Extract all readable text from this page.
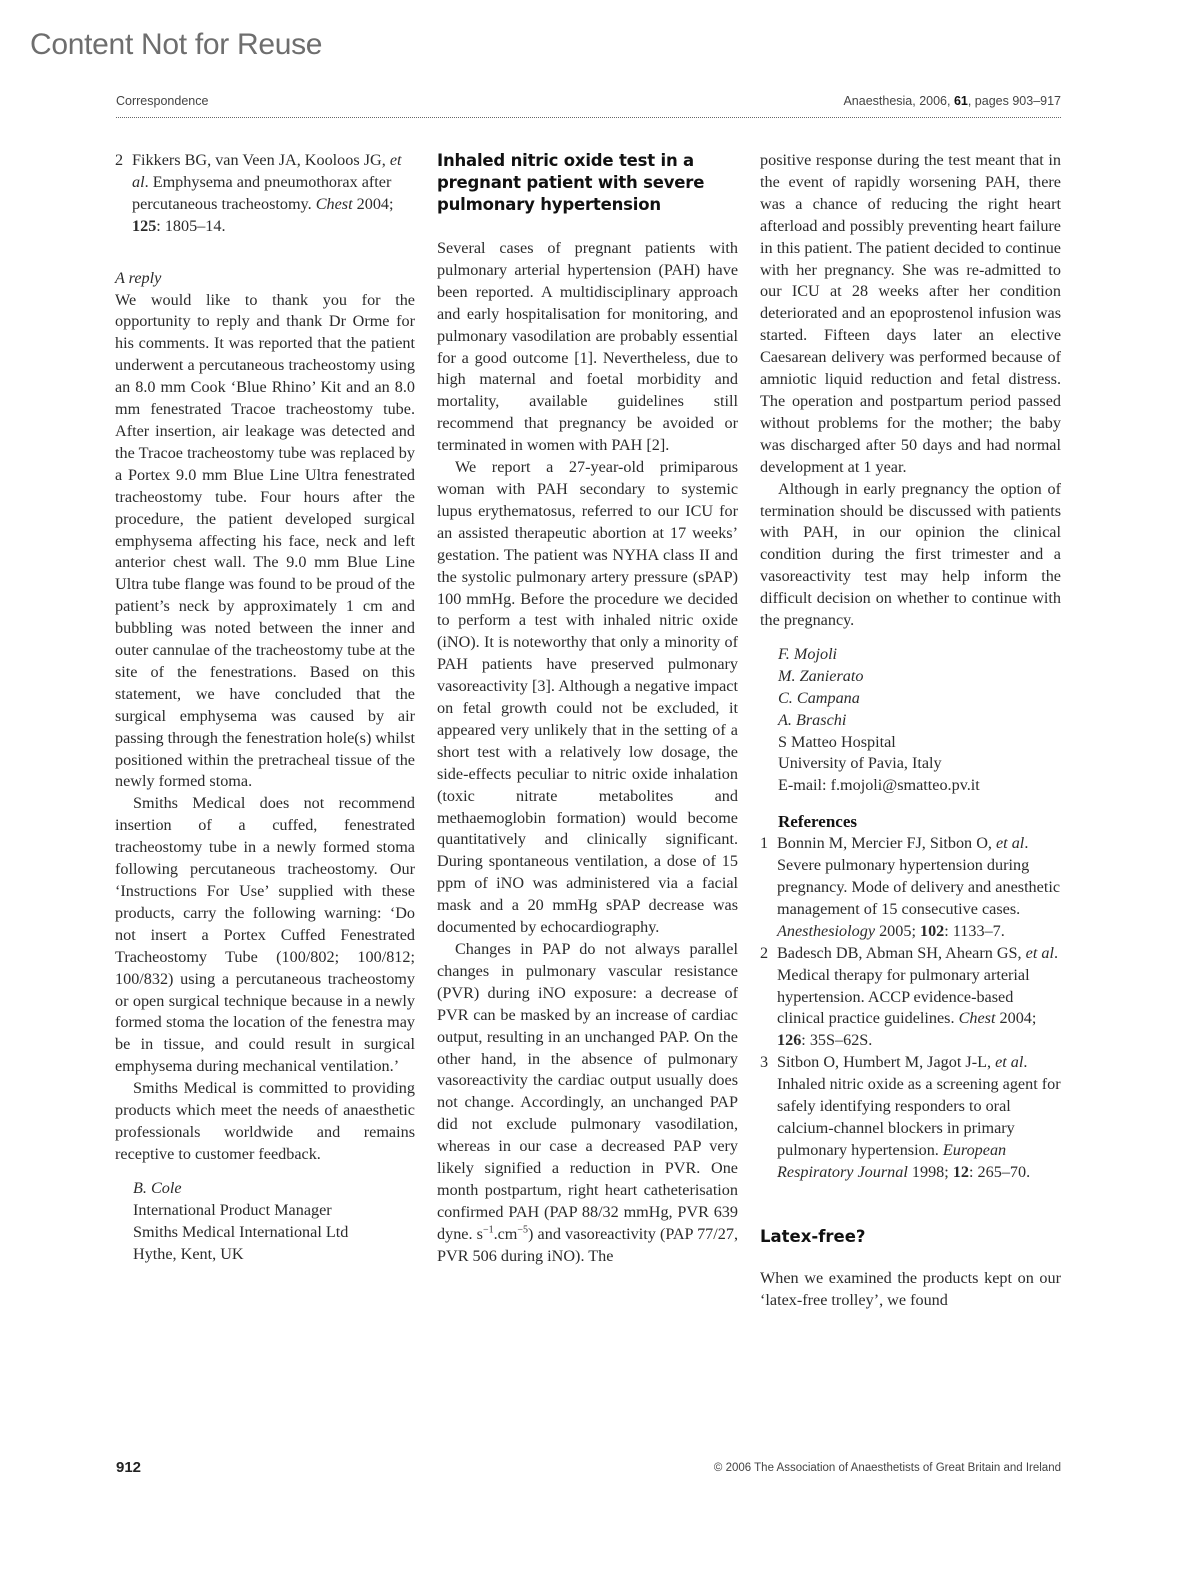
Content Not for Reuse
Correspondence	Anaesthesia, 2006, 61, pages 903–917
2 Fikkers BG, van Veen JA, Kooloos JG, et al. Emphysema and pneumothorax after percutaneous tracheostomy. Chest 2004; 125: 1805–14.
A reply

We would like to thank you for the opportunity to reply and thank Dr Orme for his comments. It was reported that the patient underwent a percutaneous tracheostomy using an 8.0 mm Cook ‘Blue Rhino’ Kit and an 8.0 mm fenestrated Tracoe tracheostomy tube. After insertion, air leakage was detected and the Tracoe tracheostomy tube was replaced by a Portex 9.0 mm Blue Line Ultra fenestrated tracheostomy tube. Four hours after the procedure, the patient developed surgical emphysema affecting his face, neck and left anterior chest wall. The 9.0 mm Blue Line Ultra tube flange was found to be proud of the patient’s neck by approximately 1 cm and bubbling was noted between the inner and outer cannulae of the tracheostomy tube at the site of the fenestrations. Based on this statement, we have concluded that the surgical emphysema was caused by air passing through the fenestration hole(s) whilst positioned within the pretracheal tissue of the newly formed stoma.

Smiths Medical does not recommend insertion of a cuffed, fenestrated tracheostomy tube in a newly formed stoma following percutaneous tracheostomy. Our ‘Instructions For Use’ supplied with these products, carry the following warning: ‘Do not insert a Portex Cuffed Fenestrated Tracheostomy Tube (100/802; 100/812; 100/832) using a percutaneous tracheostomy or open surgical technique because in a newly formed stoma the location of the fenestra may be in tissue, and could result in surgical emphysema during mechanical ventilation.’

Smiths Medical is committed to providing products which meet the needs of anaesthetic professionals worldwide and remains receptive to customer feedback.

B. Cole
International Product Manager
Smiths Medical International Ltd
Hythe, Kent, UK
Inhaled nitric oxide test in a pregnant patient with severe pulmonary hypertension

Several cases of pregnant patients with pulmonary arterial hypertension (PAH) have been reported. A multidisciplinary approach and early hospitalisation for monitoring, and pulmonary vasodilation are probably essential for a good outcome [1]. Nevertheless, due to high maternal and foetal morbidity and mortality, available guidelines still recommend that pregnancy be avoided or terminated in women with PAH [2].

We report a 27-year-old primiparous woman with PAH secondary to systemic lupus erythematosus, referred to our ICU for an assisted therapeutic abortion at 17 weeks’ gestation. The patient was NYHA class II and the systolic pulmonary artery pressure (sPAP) 100 mmHg. Before the procedure we decided to perform a test with inhaled nitric oxide (iNO). It is noteworthy that only a minority of PAH patients have preserved pulmonary vasoreactivity [3]. Although a negative impact on fetal growth could not be excluded, it appeared very unlikely that in the setting of a short test with a relatively low dosage, the side-effects peculiar to nitric oxide inhalation (toxic nitrate metabolites and methaemoglobin formation) would become quantitatively and clinically significant. During spontaneous ventilation, a dose of 15 ppm of iNO was administered via a facial mask and a 20 mmHg sPAP decrease was documented by echocardiography.

Changes in PAP do not always parallel changes in pulmonary vascular resistance (PVR) during iNO exposure: a decrease of PVR can be masked by an increase of cardiac output, resulting in an unchanged PAP. On the other hand, in the absence of pulmonary vasoreactivity the cardiac output usually does not change. Accordingly, an unchanged PAP did not exclude pulmonary vasodilation, whereas in our case a decreased PAP very likely signified a reduction in PVR. One month postpartum, right heart catheterisation confirmed PAH (PAP 88/32 mmHg, PVR 639 dyne. $s^{-1}.cm^{-5}$) and vasoreactivity (PAP 77/27, PVR 506 during iNO). The

positive response during the test meant that in the event of rapidly worsening PAH, there was a chance of reducing the right heart afterload and possibly preventing heart failure in this patient. The patient decided to continue with her pregnancy. She was re-admitted to our ICU at 28 weeks after her condition deteriorated and an epoprostenol infusion was started. Fifteen days later an elective Caesarean delivery was performed because of amniotic liquid reduction and fetal distress. The operation and postpartum period passed without problems for the mother; the baby was discharged after 50 days and had normal development at 1 year.

Although in early pregnancy the option of termination should be discussed with patients with PAH, in our opinion the clinical condition during the first trimester and a vasoreactivity test may help inform the difficult decision on whether to continue with the pregnancy.

F. Mojoli
M. Zanierato
C. Campana
A. Braschi
S Matteo Hospital
University of Pavia, Italy
E-mail: f.mojoli@smatteo.pv.it
References
1 Bonnin M, Mercier FJ, Sitbon O, et al. Severe pulmonary hypertension during pregnancy. Mode of delivery and anesthetic management of 15 consecutive cases. Anesthesiology 2005; 102: 1133–7.
2 Badesch DB, Abman SH, Ahearn GS, et al. Medical therapy for pulmonary arterial hypertension. ACCP evidence-based clinical practice guidelines. Chest 2004; 126: 35S–62S.
3 Sitbon O, Humbert M, Jagot J-L, et al. Inhaled nitric oxide as a screening agent for safely identifying responders to oral calcium-channel blockers in primary pulmonary hypertension. European Respiratory Journal 1998; 12: 265–70.
Latex-free?

When we examined the products kept on our ‘latex-free trolley’, we found

912	© 2006 The Association of Anaesthetists of Great Britain and Ireland
